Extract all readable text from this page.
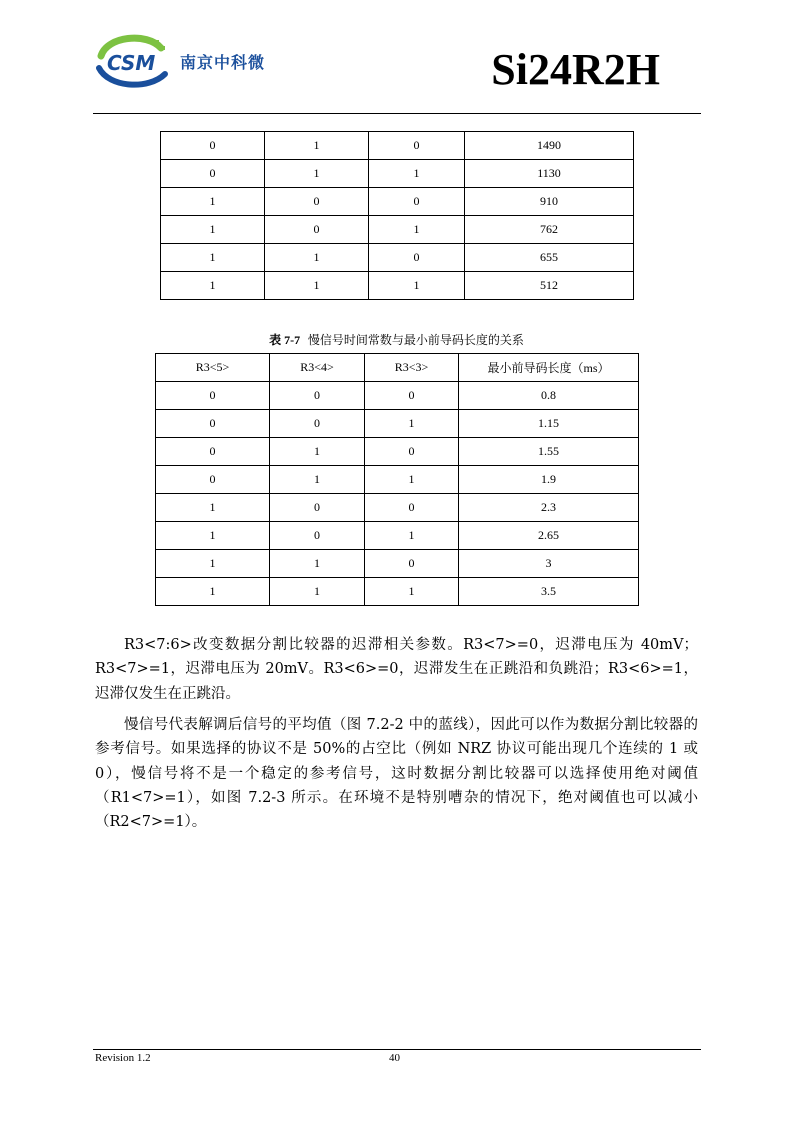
CSM 南京中科微	Si24R2H
0	1	0	1490
0	1	1	1130
1	0	0	910
1	0	1	762
1	1	0	655
1	1	1	512
表 7-7 慢信号时间常数与最小前导码长度的关系
R3<5>	R3<4>	R3<3>	最小前导码长度（ms）
0	0	0	0.8
0	0	1	1.15
0	1	0	1.55
0	1	1	1.9
1	0	0	2.3
1	0	1	2.65
1	1	0	3
1	1	1	3.5

R3<7:6>改变数据分割比较器的迟滞相关参数。R3<7>=0，迟滞电压为 40mV；R3<7>=1，迟滞电压为 20mV。R3<6>=0，迟滞发生在正跳沿和负跳沿；R3<6>=1，迟滞仅发生在正跳沿。

慢信号代表解调后信号的平均值（图 7.2-2 中的蓝线），因此可以作为数据分割比较器的参考信号。如果选择的协议不是 50%的占空比（例如 NRZ 协议可能出现几个连续的 1 或 0），慢信号将不是一个稳定的参考信号，这时数据分割比较器可以选择使用绝对阈值（R1<7>=1），如图 7.2-3 所示。在环境不是特别嘈杂的情况下，绝对阈值也可以减小（R2<7>=1）。

Revision 1.2	40
